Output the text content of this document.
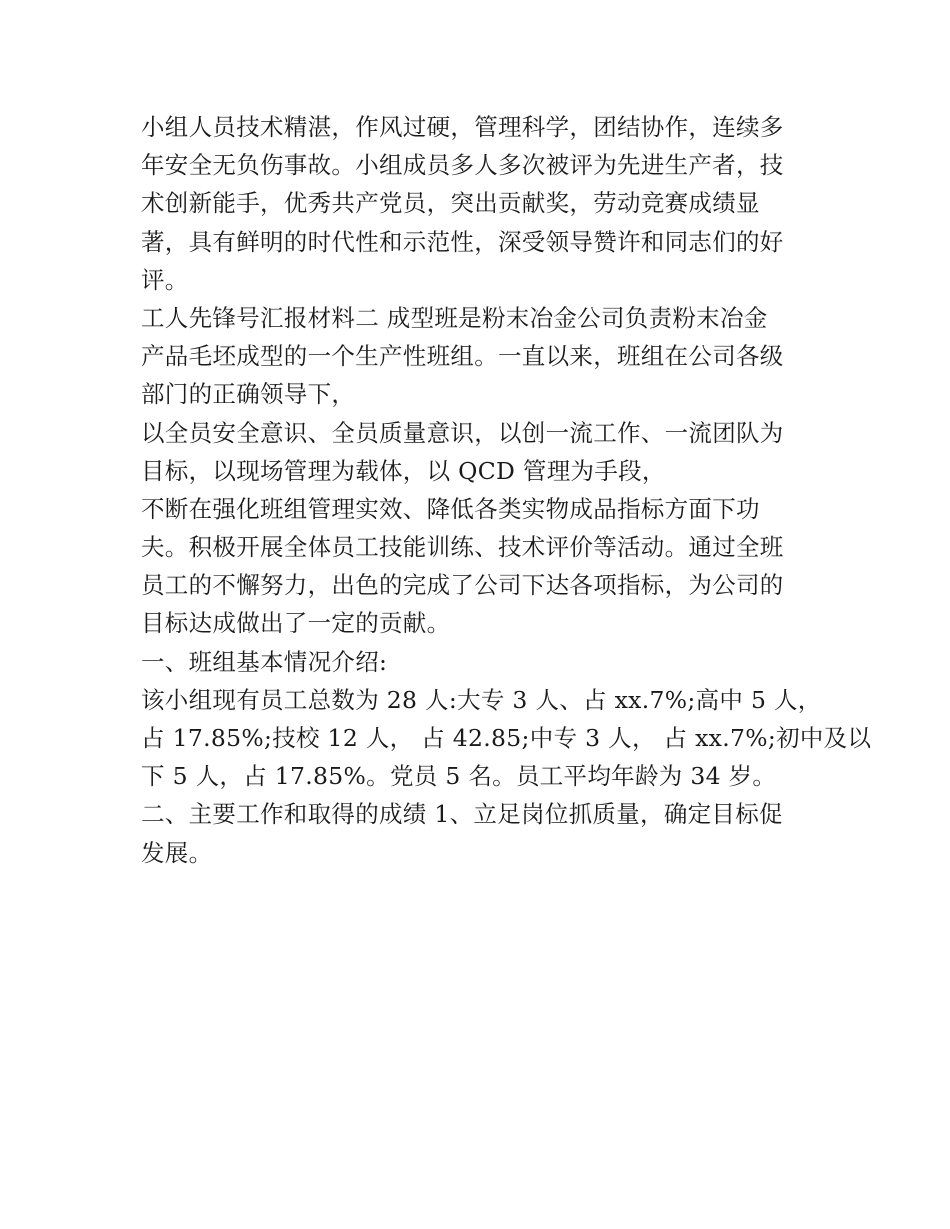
小组人员技术精湛，作风过硬，管理科学，团结协作，连续多
年安全无负伤事故。小组成员多人多次被评为先进生产者，技
术创新能手，优秀共产党员，突出贡献奖，劳动竞赛成绩显
著，具有鲜明的时代性和示范性，深受领导赞许和同志们的好
评。
工人先锋号汇报材料二 成型班是粉末冶金公司负责粉末冶金
产品毛坯成型的一个生产性班组。一直以来，班组在公司各级
部门的正确领导下，
以全员安全意识、全员质量意识，以创一流工作、一流团队为
目标，以现场管理为载体，以 QCD 管理为手段，
不断在强化班组管理实效、降低各类实物成品指标方面下功
夫。积极开展全体员工技能训练、技术评价等活动。通过全班
员工的不懈努力，出色的完成了公司下达各项指标，为公司的
目标达成做出了一定的贡献。
一、班组基本情况介绍:
该小组现有员工总数为 28 人:大专 3 人、占 xx.7%;高中 5 人，
占 17.85%;技校 12 人， 占 42.85;中专 3 人， 占 xx.7%;初中及以
下 5 人，占 17.85%。党员 5 名。员工平均年龄为 34 岁。
二、主要工作和取得的成绩 1、立足岗位抓质量，确定目标促
发展。
